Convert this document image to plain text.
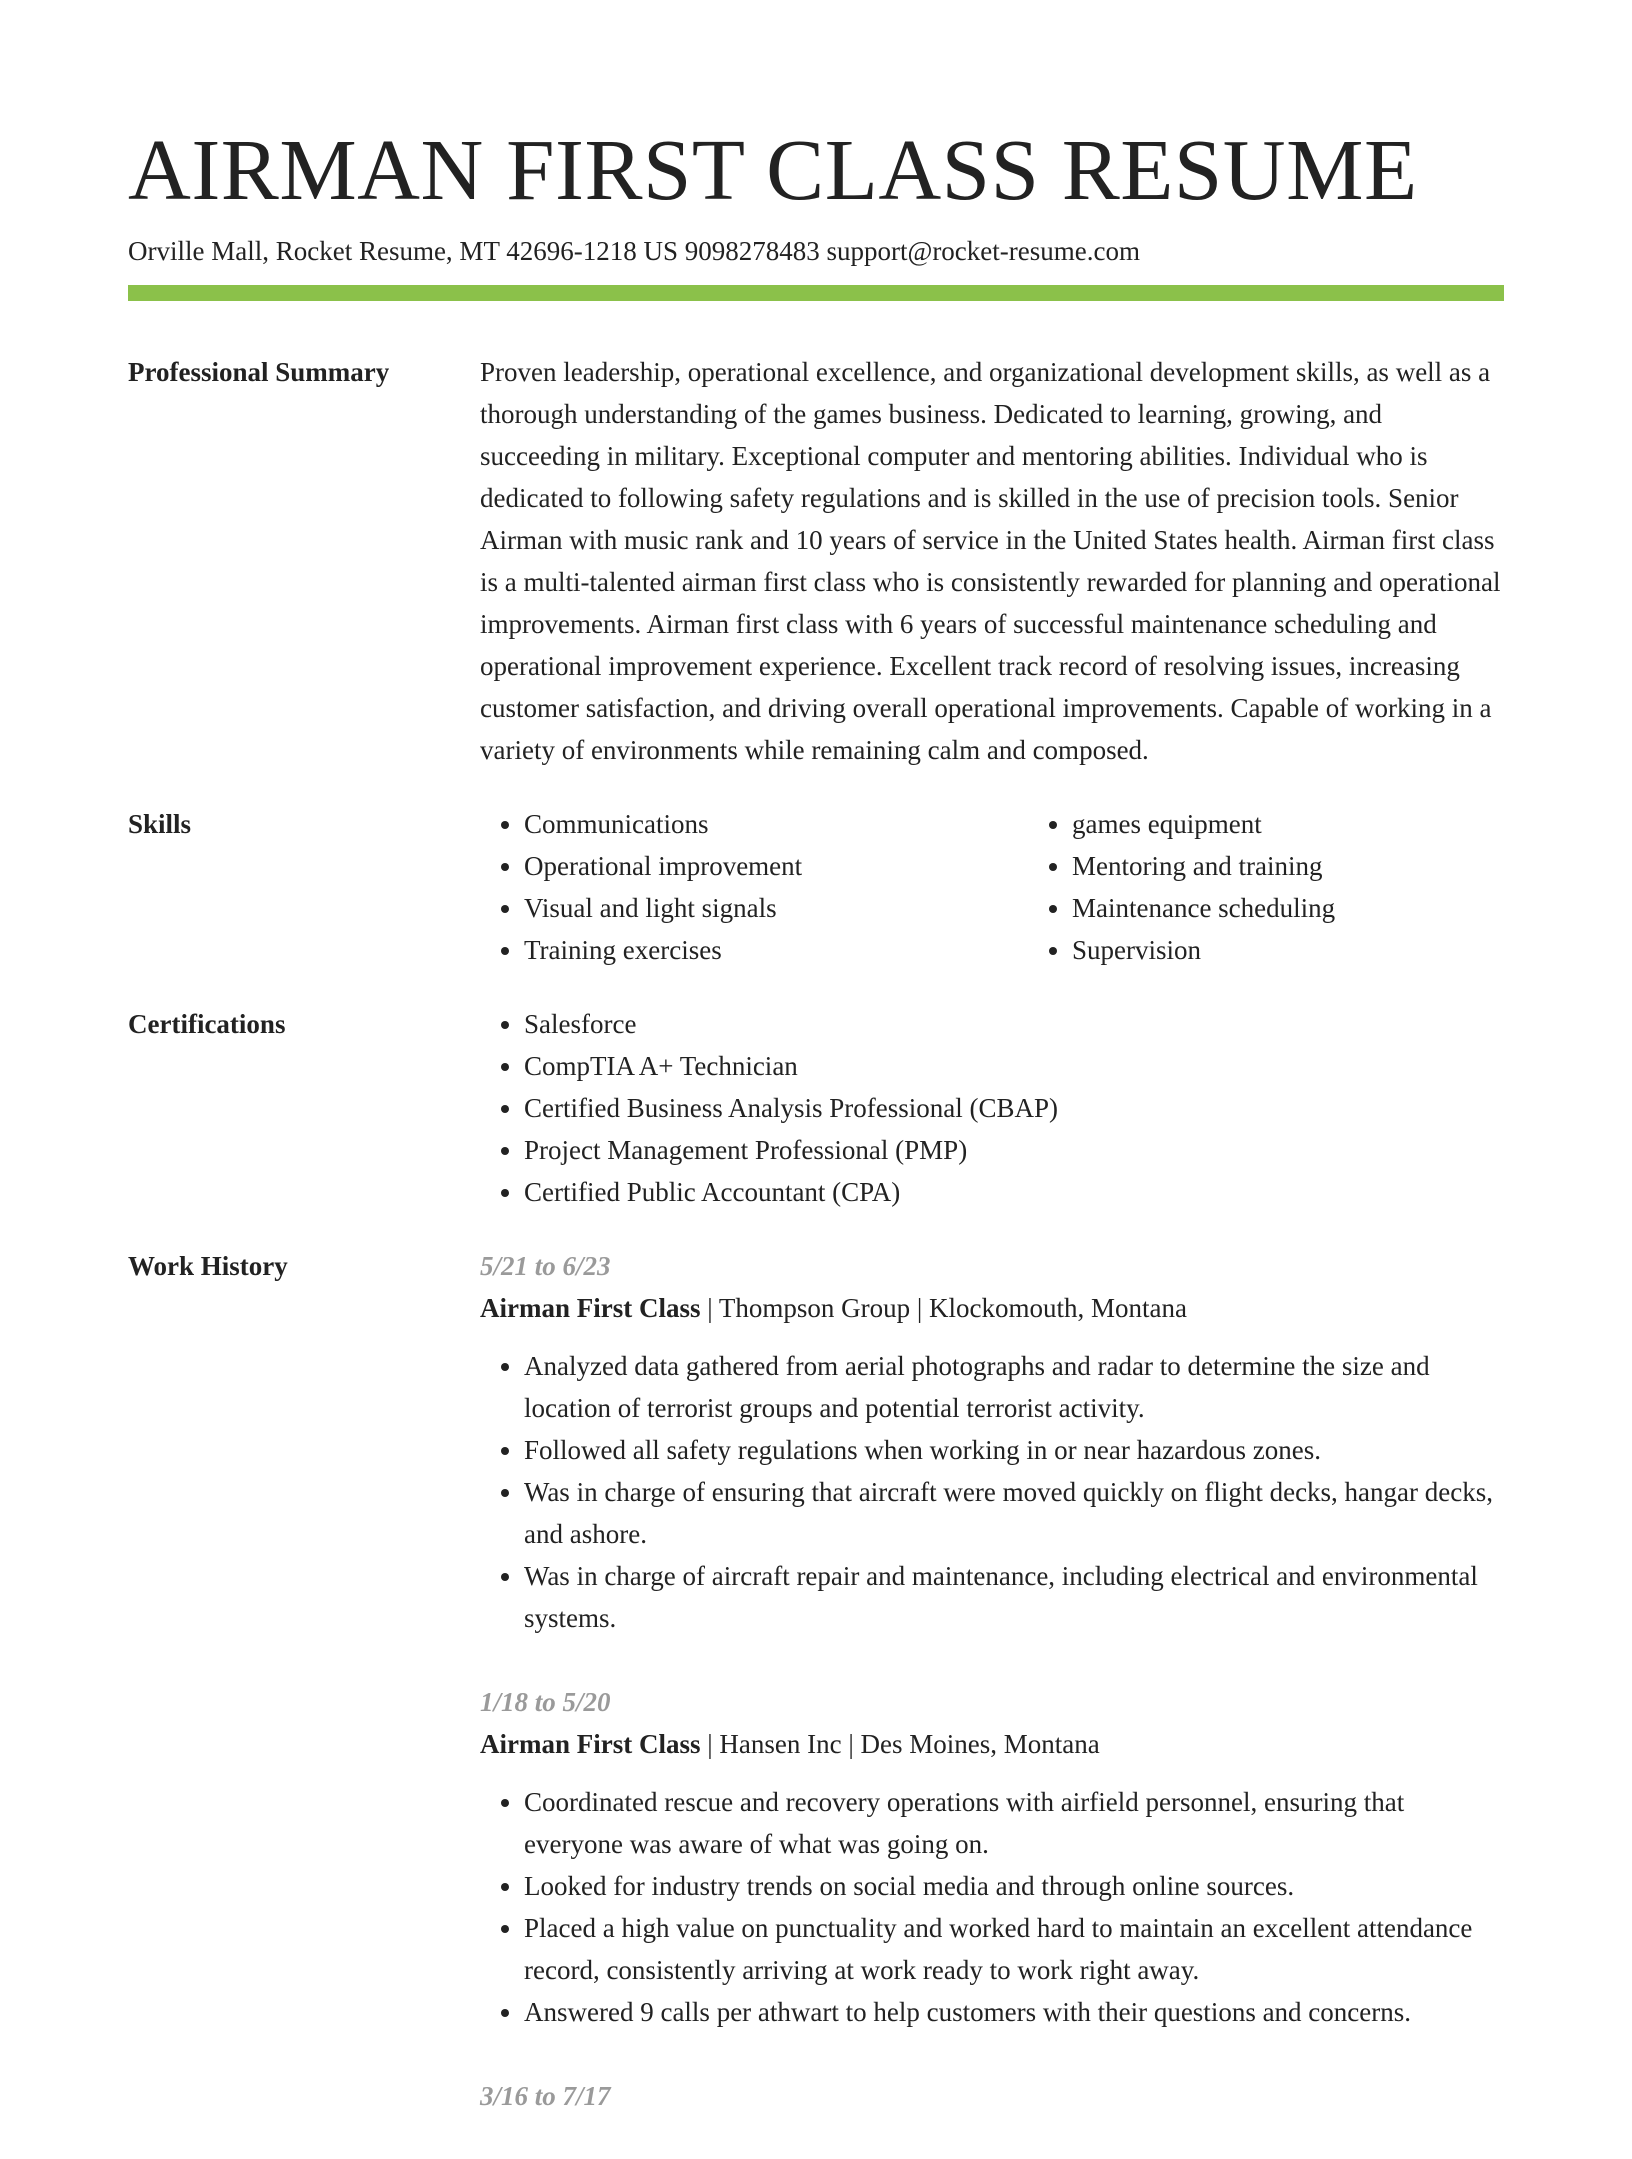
AIRMAN FIRST CLASS RESUME
Orville Mall, Rocket Resume, MT 42696-1218 US 9098278483 support@rocket-resume.com
Professional Summary	Proven leadership, operational excellence, and organizational development skills, as well as a thorough understanding of the games business. Dedicated to learning, growing, and succeeding in military. Exceptional computer and mentoring abilities. Individual who is dedicated to following safety regulations and is skilled in the use of precision tools. Senior Airman with music rank and 10 years of service in the United States health. Airman first class is a multi-talented airman first class who is consistently rewarded for planning and operational improvements. Airman first class with 6 years of successful maintenance scheduling and operational improvement experience. Excellent track record of resolving issues, increasing customer satisfaction, and driving overall operational improvements. Capable of working in a variety of environments while remaining calm and composed.

Skills	• Communications
• Operational improvement
• Visual and light signals
• Training exercises
• games equipment
• Mentoring and training
• Maintenance scheduling
• Supervision
Certifications	• Salesforce
• CompTIA A+ Technician
• Certified Business Analysis Professional (CBAP)
• Project Management Professional (PMP)
• Certified Public Accountant (CPA)
Work History	5/21 to 6/23
Airman First Class | Thompson Group | Klockomouth, Montana
• Analyzed data gathered from aerial photographs and radar to determine the size and location of terrorist groups and potential terrorist activity.
• Followed all safety regulations when working in or near hazardous zones.
• Was in charge of ensuring that aircraft were moved quickly on flight decks, hangar decks, and ashore.
• Was in charge of aircraft repair and maintenance, including electrical and environmental systems.
1/18 to 5/20
Airman First Class | Hansen Inc | Des Moines, Montana
• Coordinated rescue and recovery operations with airfield personnel, ensuring that everyone was aware of what was going on.
• Looked for industry trends on social media and through online sources.
• Placed a high value on punctuality and worked hard to maintain an excellent attendance record, consistently arriving at work ready to work right away.
• Answered 9 calls per athwart to help customers with their questions and concerns.
3/16 to 7/17
